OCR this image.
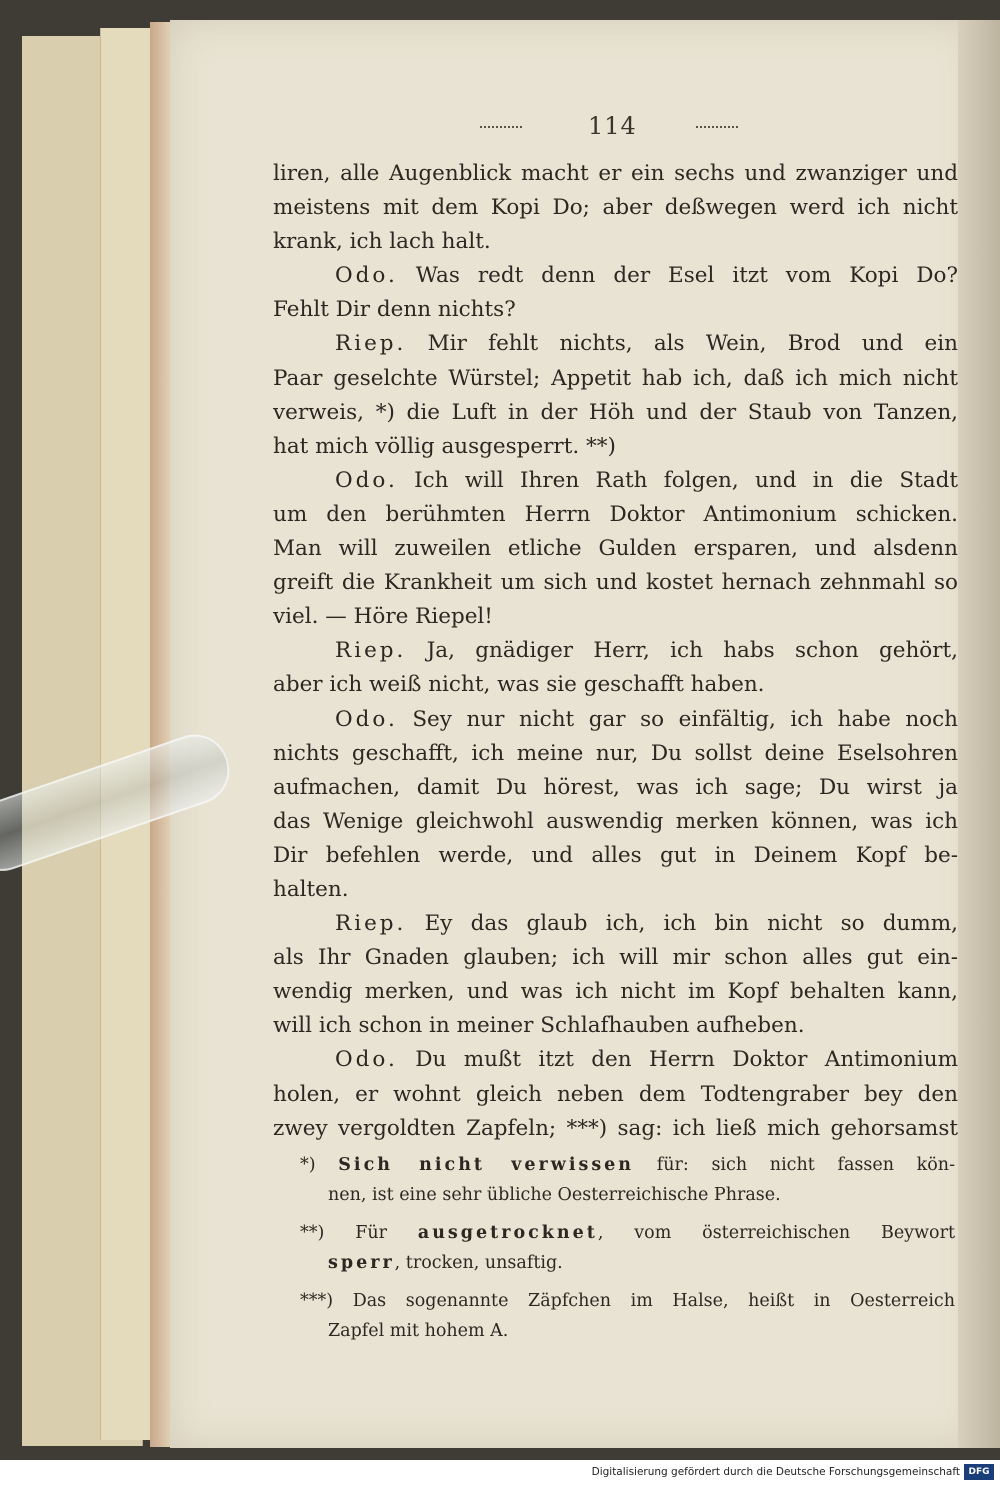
114
liren, alle Augenblick macht er ein sechs und zwanziger und
meistens mit dem Kopi Do; aber deßwegen werd ich nicht
krank, ich lach halt.
Odo. Was redt denn der Esel itzt vom Kopi Do?
Fehlt Dir denn nichts?
Riep. Mir fehlt nichts, als Wein, Brod und ein
Paar geselchte Würstel; Appetit hab ich, daß ich mich nicht
verweis, *) die Luft in der Höh und der Staub von Tanzen,
hat mich völlig ausgesperrt. **)
Odo. Ich will Ihren Rath folgen, und in die Stadt
um den berühmten Herrn Doktor Antimonium schicken.
Man will zuweilen etliche Gulden ersparen, und alsdenn
greift die Krankheit um sich und kostet hernach zehnmahl so
viel. — Höre Riepel!
Riep. Ja, gnädiger Herr, ich habs schon gehört,
aber ich weiß nicht, was sie geschafft haben.
Odo. Sey nur nicht gar so einfältig, ich habe noch
nichts geschafft, ich meine nur, Du sollst deine Eselsohren
aufmachen, damit Du hörest, was ich sage; Du wirst ja
das Wenige gleichwohl auswendig merken können, was ich
Dir befehlen werde, und alles gut in Deinem Kopf be-
halten.
Riep. Ey das glaub ich, ich bin nicht so dumm,
als Ihr Gnaden glauben; ich will mir schon alles gut ein-
wendig merken, und was ich nicht im Kopf behalten kann,
will ich schon in meiner Schlafhauben aufheben.
Odo. Du mußt itzt den Herrn Doktor Antimonium
holen, er wohnt gleich neben dem Todtengraber bey den
zwey vergoldten Zapfeln; ***) sag: ich ließ mich gehorsamst
*) Sich nicht verwissen für: sich nicht fassen kön-
nen, ist eine sehr übliche Oesterreichische Phrase.
**) Für ausgetrocknet, vom österreichischen Beywort
sperr, trocken, unsaftig.
***) Das sogenannte Zäpfchen im Halse, heißt in Oesterreich
Zapfel mit hohem A.
Digitalisierung gefördert durch die Deutsche Forschungsgemeinschaft DFG
